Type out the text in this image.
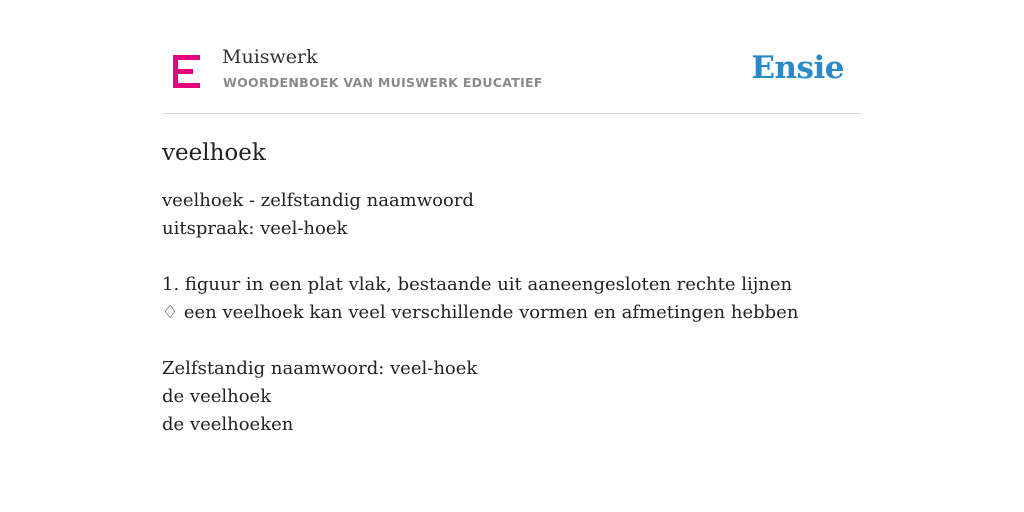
Muiswerk
WOORDENBOEK VAN MUISWERK EDUCATIEF	Ensie
veelhoek
veelhoek - zelfstandig naamwoord
uitspraak: veel-hoek
1. figuur in een plat vlak, bestaande uit aaneengesloten rechte lijnen
♢ een veelhoek kan veel verschillende vormen en afmetingen hebben
Zelfstandig naamwoord: veel-hoek
de veelhoek
de veelhoeken
